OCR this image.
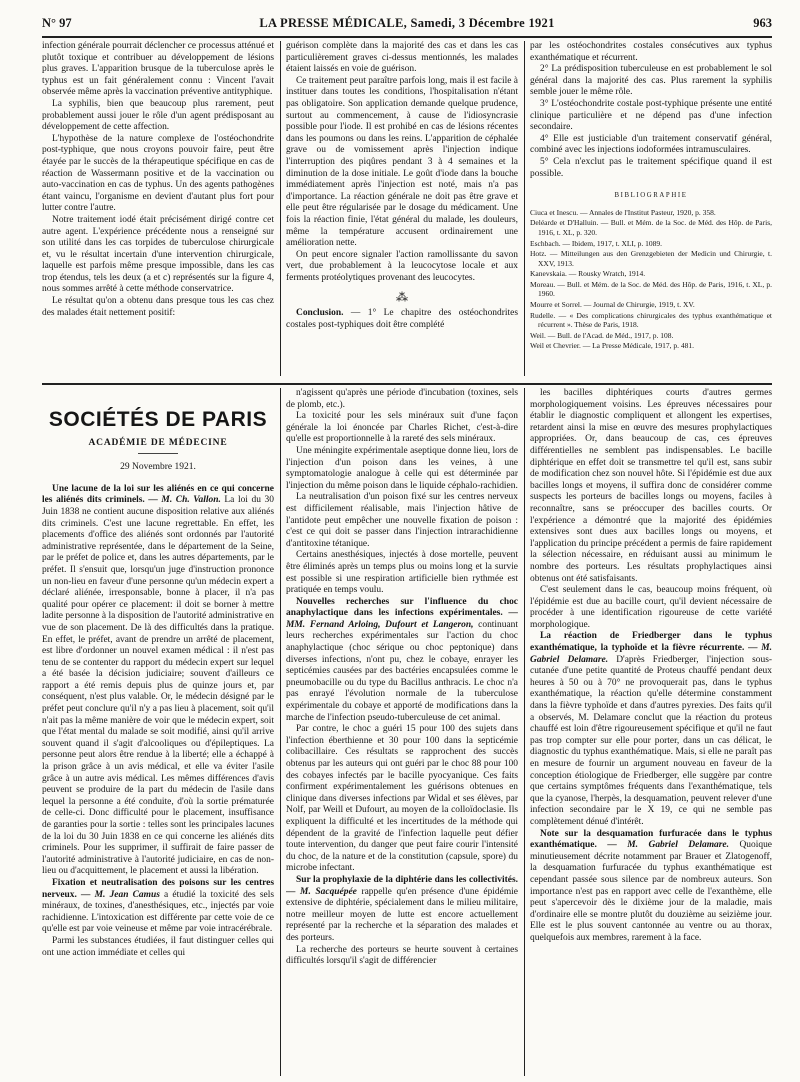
N° 97	LA PRESSE MÉDICALE, Samedi, 3 Décembre 1921	963

infection générale pourrait déclencher ce processus atténué et plutôt toxique et contribuer au développement de lésions plus graves. L'apparition brusque de la tuberculose après le typhus est un fait généralement connu : Vincent l'avait observée même après la vaccination préventive antityphique.

La syphilis, bien que beaucoup plus rarement, peut probablement aussi jouer le rôle d'un agent prédisposant au développement de cette affection.

L'hypothèse de la nature complexe de l'ostéochondrite post-typhique, que nous croyons pouvoir faire, peut être étayée par le succès de la thérapeutique spécifique en cas de réaction de Wassermann positive et de la vaccination ou auto-vaccination en cas de typhus. Un des agents pathogènes étant vaincu, l'organisme en devient d'autant plus fort pour lutter contre l'autre.

Notre traitement iodé était précisément dirigé contre cet autre agent. L'expérience précédente nous a renseigné sur son utilité dans les cas torpides de tuberculose chirurgicale et, vu le résultat incertain d'une intervention chirurgicale, laquelle est parfois même presque impossible, dans les cas trop étendus, tels les deux (a et c) représentés sur la figure 4, nous sommes arrêté à cette méthode conservatrice.

Le résultat qu'on a obtenu dans presque tous les cas chez des malades était nettement positif:

guérison complète dans la majorité des cas et dans les cas particulièrement graves ci-dessus mentionnés, les malades étaient laissés en voie de guérison.

Ce traitement peut paraître parfois long, mais il est facile à instituer dans toutes les conditions, l'hospitalisation n'étant pas obligatoire. Son application demande quelque prudence, surtout au commencement, à cause de l'idiosyncrasie possible pour l'iode. Il est prohibé en cas de lésions récentes dans les poumons ou dans les reins. L'apparition de céphalée grave ou de vomissement après l'injection indique l'interruption des piqûres pendant 3 à 4 semaines et la diminution de la dose initiale. Le goût d'iode dans la bouche immédiatement après l'injection est noté, mais n'a pas d'importance. La réaction générale ne doit pas être grave et elle peut être régularisée par le dosage du médicament. Une fois la réaction finie, l'état général du malade, les douleurs, même la température accusent ordinairement une amélioration nette.

On peut encore signaler l'action ramollissante du savon vert, due probablement à la leucocytose locale et aux ferments protéolytiques provenant des leucocytes.

⁂

Conclusion. — 1° Le chapitre des ostéochondrites costales post-typhiques doit être complété

par les ostéochondrites costales consécutives aux typhus exanthématique et récurrent.

2° La prédisposition tuberculeuse en est probablement le sol général dans la majorité des cas. Plus rarement la syphilis semble jouer le même rôle.

3° L'ostéochondrite costale post-typhique présente une entité clinique particulière et ne dépend pas d'une infection secondaire.

4° Elle est justiciable d'un traitement conservatif général, combiné avec les injections iodoformées intramusculaires.

5° Cela n'exclut pas le traitement spécifique quand il est possible.

BIBLIOGRAPHIE
Ciuca et Inescu. — Annales de l'Institut Pasteur, 1920, p. 358.
Deléarde et D'Halluin. — Bull. et Mém. de la Soc. de Méd. des Hôp. de Paris, 1916, t. XL, p. 320.
Eschbach. — Ibidem, 1917, t. XLI, p. 1089.
Hotz. — Mitteilungen aus den Grenzgebieten der Medicin und Chirurgie, t. XXV, 1913.
Kanevskaia. — Rousky Wratch, 1914.
Moreau. — Bull. et Mém. de la Soc. de Méd. des Hôp. de Paris, 1916, t. XL, p. 1960.
Mourre et Sorrel. — Journal de Chirurgie, 1919, t. XV.
Rudelle. — « Des complications chirurgicales des typhus exanthématique et récurrent ». Thèse de Paris, 1918.
Weil. — Bull. de l'Acad. de Méd., 1917, p. 108.
Weil et Chevrier. — La Presse Médicale, 1917, p. 481.
SOCIÉTÉS DE PARIS
ACADÉMIE DE MÉDECINE
29 Novembre 1921.

Une lacune de la loi sur les aliénés en ce qui concerne les aliénés dits criminels. — M. Ch. Vallon. La loi du 30 Juin 1838 ne contient aucune disposition relative aux aliénés dits criminels. C'est une lacune regrettable. En effet, les placements d'office des aliénés sont ordonnés par l'autorité administrative représentée, dans le département de la Seine, par le préfet de police et, dans les autres départements, par le préfet. Il s'ensuit que, lorsqu'un juge d'instruction prononce un non-lieu en faveur d'une personne qu'un médecin expert a déclaré aliénée, irresponsable, bonne à placer, il n'a pas qualité pour opérer ce placement: il doit se borner à mettre ladite personne à la disposition de l'autorité administrative en vue de son placement. De là des difficultés dans la pratique. En effet, le préfet, avant de prendre un arrêté de placement, est libre d'ordonner un nouvel examen médical : il n'est pas tenu de se contenter du rapport du médecin expert sur lequel a été basée la décision judiciaire; souvent d'ailleurs ce rapport a été remis depuis plus de quinze jours et, par conséquent, n'est plus valable. Or, le médecin désigné par le préfet peut conclure qu'il n'y a pas lieu à placement, soit qu'il n'ait pas la même manière de voir que le médecin expert, soit que l'état mental du malade se soit modifié, ainsi qu'il arrive souvent quand il s'agit d'alcooliques ou d'épileptiques. La personne peut alors être rendue à la liberté; elle a échappé à la prison grâce à un avis médical, et elle va éviter l'asile grâce à un autre avis médical. Les mêmes différences d'avis peuvent se produire de la part du médecin de l'asile dans lequel la personne a été conduite, d'où la sortie prématurée de celle-ci. Donc difficulté pour le placement, insuffisance de garanties pour la sortie : telles sont les principales lacunes de la loi du 30 Juin 1838 en ce qui concerne les aliénés dits criminels. Pour les supprimer, il suffirait de faire passer de l'autorité administrative à l'autorité judiciaire, en cas de non-lieu ou d'acquittement, le placement et aussi la libération.

Fixation et neutralisation des poisons sur les centres nerveux. — M. Jean Camus a étudié la toxicité des sels minéraux, de toxines, d'anesthésiques, etc., injectés par voie rachidienne. L'intoxication est différente par cette voie de ce qu'elle est par voie veineuse et même par voie intracérébrale.

Parmi les substances étudiées, il faut distinguer celles qui ont une action immédiate et celles qui

n'agissent qu'après une période d'incubation (toxines, sels de plomb, etc.).

La toxicité pour les sels minéraux suit d'une façon générale la loi énoncée par Charles Richet, c'est-à-dire qu'elle est proportionnelle à la rareté des sels minéraux.

Une méningite expérimentale aseptique donne lieu, lors de l'injection d'un poison dans les veines, à une symptomatologie analogue à celle qui est déterminée par l'injection du même poison dans le liquide céphalo-rachidien.

La neutralisation d'un poison fixé sur les centres nerveux est difficilement réalisable, mais l'injection hâtive de l'antidote peut empêcher une nouvelle fixation de poison : c'est ce qui doit se passer dans l'injection intrarachidienne d'antitoxine tétanique.

Certains anesthésiques, injectés à dose mortelle, peuvent être éliminés après un temps plus ou moins long et la survie est possible si une respiration artificielle bien rythmée est pratiquée en temps voulu.

Nouvelles recherches sur l'influence du choc anaphylactique dans les infections expérimentales. — MM. Fernand Arloing, Dufourt et Langeron, continuant leurs recherches expérimentales sur l'action du choc anaphylactique (choc sérique ou choc peptonique) dans diverses infections, n'ont pu, chez le cobaye, enrayer les septicémies causées par des bactéries encapsulées comme le pneumobacille ou du type du Bacillus anthracis. Le choc n'a pas enrayé l'évolution normale de la tuberculose expérimentale du cobaye et apporté de modifications dans la marche de l'infection pseudo-tuberculeuse de cet animal.

Par contre, le choc a guéri 15 pour 100 des sujets dans l'infection éberthienne et 30 pour 100 dans la septicémie colibacillaire. Ces résultats se rapprochent des succès obtenus par les auteurs qui ont guéri par le choc 88 pour 100 des cobayes infectés par le bacille pyocyanique. Ces faits confirment expérimentalement les guérisons obtenues en clinique dans diverses infections par Widal et ses élèves, par Nolf, par Weill et Dufourt, au moyen de la colloïdoclasie. Ils expliquent la difficulté et les incertitudes de la méthode qui dépendent de la gravité de l'infection laquelle peut défier toute intervention, du danger que peut faire courir l'intensité du choc, de la nature et de la constitution (capsule, spore) du microbe infectant.

Sur la prophylaxie de la diphtérie dans les collectivités. — M. Sacquépée rappelle qu'en présence d'une épidémie extensive de diphtérie, spécialement dans le milieu militaire, notre meilleur moyen de lutte est encore actuellement représenté par la recherche et la séparation des malades et des porteurs.

La recherche des porteurs se heurte souvent à certaines difficultés lorsqu'il s'agit de différencier

les bacilles diphtériques courts d'autres germes morphologiquement voisins. Les épreuves nécessaires pour établir le diagnostic compliquent et allongent les expertises, retardent ainsi la mise en œuvre des mesures prophylactiques appropriées. Or, dans beaucoup de cas, ces épreuves différentielles ne semblent pas indispensables. Le bacille diphtérique en effet doit se transmettre tel qu'il est, sans subir de modification chez son nouvel hôte. Si l'épidémie est due aux bacilles longs et moyens, il suffira donc de considérer comme suspects les porteurs de bacilles longs ou moyens, faciles à reconnaître, sans se préoccuper des bacilles courts. Or l'expérience a démontré que la majorité des épidémies extensives sont dues aux bacilles longs ou moyens, et l'application du principe précédent a permis de faire rapidement la sélection nécessaire, en réduisant aussi au minimum le nombre des porteurs. Les résultats prophylactiques ainsi obtenus ont été satisfaisants.

C'est seulement dans le cas, beaucoup moins fréquent, où l'épidémie est due au bacille court, qu'il devient nécessaire de procéder à une identification rigoureuse de cette variété morphologique.

La réaction de Friedberger dans le typhus exanthématique, la typhoïde et la fièvre récurrente. — M. Gabriel Delamare. D'après Friedberger, l'injection sous-cutanée d'une petite quantité de Proteus chauffé pendant deux heures à 50 ou à 70° ne provoquerait pas, dans le typhus exanthématique, la réaction qu'elle détermine constamment dans la fièvre typhoïde et dans d'autres pyrexies. Des faits qu'il a observés, M. Delamare conclut que la réaction du proteus chauffé est loin d'être rigoureusement spécifique et qu'il ne faut pas trop compter sur elle pour porter, dans un cas délicat, le diagnostic du typhus exanthématique. Mais, si elle ne paraît pas en mesure de fournir un argument nouveau en faveur de la conception étiologique de Friedberger, elle suggère par contre que certains symptômes fréquents dans l'exanthématique, tels que la cyanose, l'herpès, la desquamation, peuvent relever d'une infection secondaire par le X 19, ce qui ne semble pas complètement dénué d'intérêt.

Note sur la desquamation furfuracée dans le typhus exanthématique. — M. Gabriel Delamare. Quoique minutieusement décrite notamment par Brauer et Zlatogenoff, la desquamation furfuracée du typhus exanthématique est cependant passée sous silence par de nombreux auteurs. Son importance n'est pas en rapport avec celle de l'exanthème, elle peut s'apercevoir dès le dixième jour de la maladie, mais d'ordinaire elle se montre plutôt du douzième au seizième jour. Elle est le plus souvent cantonnée au ventre ou au thorax, quelquefois aux membres, rarement à la face.
